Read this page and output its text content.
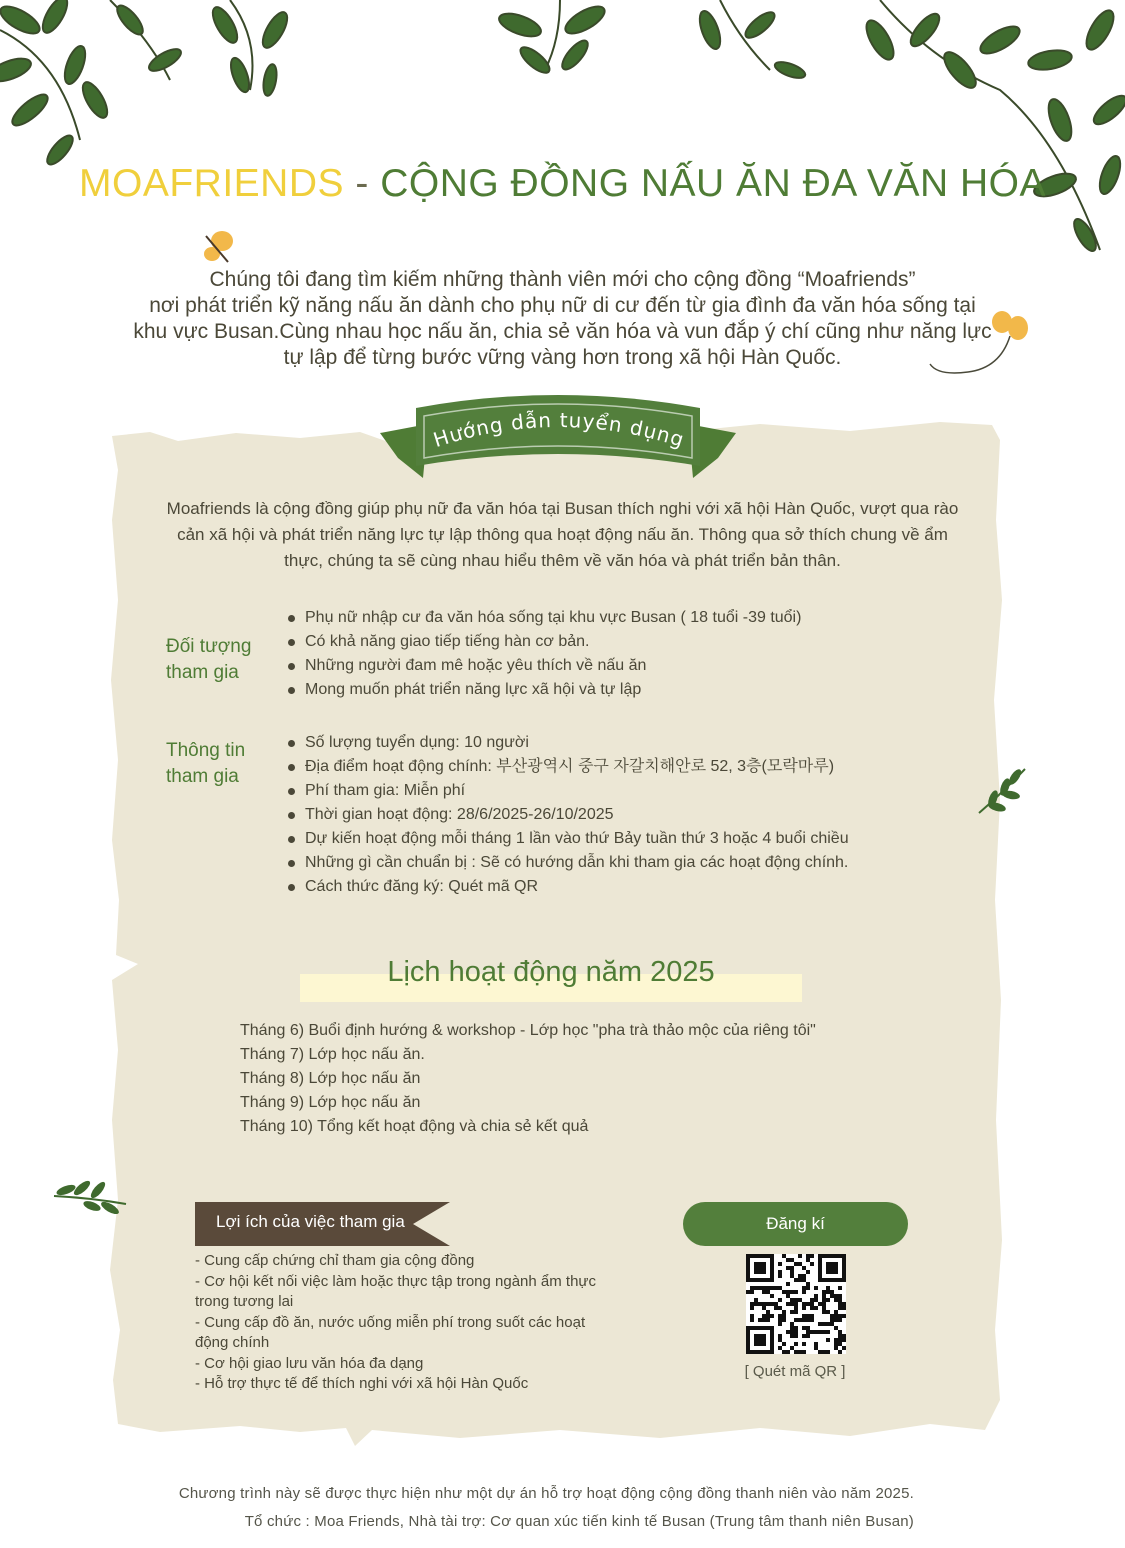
MOAFRIENDS - CỘNG ĐỒNG NẤU ĂN ĐA VĂN HÓA
Chúng tôi đang tìm kiếm những thành viên mới cho cộng đồng “Moafriends”
nơi phát triển kỹ năng nấu ăn dành cho phụ nữ di cư đến từ gia đình đa văn hóa sống tại
khu vực Busan.Cùng nhau học nấu ăn, chia sẻ văn hóa và vun đắp ý chí cũng như năng lực
tự lập để từng bước vững vàng hơn trong xã hội Hàn Quốc.
Hướng dẫn tuyển dụng
Moafriends là cộng đồng giúp phụ nữ đa văn hóa tại Busan thích nghi với xã hội Hàn Quốc, vượt qua rào
cản xã hội và phát triển năng lực tự lập thông qua hoạt động nấu ăn. Thông qua sở thích chung về ẩm
thực, chúng ta sẽ cùng nhau hiểu thêm về văn hóa và phát triển bản thân.
Đối tượng
tham gia
Phụ nữ nhập cư đa văn hóa sống tại khu vực Busan ( 18 tuổi -39 tuổi)
Có khả năng giao tiếp tiếng hàn cơ bản.
Những người đam mê hoặc yêu thích về nấu ăn
Mong muốn phát triển năng lực xã hội và tự lập
Thông tin
tham gia
Số lượng tuyển dụng: 10 người
Địa điểm hoạt động chính: 부산광역시 중구 자갈치해안로 52, 3층(모락마루)
Phí tham gia: Miễn phí
Thời gian hoạt động: 28/6/2025-26/10/2025
Dự kiến hoạt động mỗi tháng 1 lần vào thứ Bảy tuần thứ 3 hoặc 4 buổi chiều
Những gì cần chuẩn bị : Sẽ có hướng dẫn khi tham gia các hoạt động chính.
Cách thức đăng ký: Quét mã QR
Lịch hoạt động năm 2025
Tháng 6) Buổi định hướng & workshop - Lớp học "pha trà thảo mộc của riêng tôi"
Tháng 7) Lớp học nấu ăn.
Tháng 8) Lớp học nấu ăn
Tháng 9) Lớp học nấu ăn
Tháng 10) Tổng kết hoạt động và chia sẻ kết quả
Lợi ích của việc tham gia
- Cung cấp chứng chỉ tham gia cộng đồng
- Cơ hội kết nối việc làm hoặc thực tập trong ngành ẩm thực
trong tương lai
- Cung cấp đồ ăn, nước uống miễn phí trong suốt các hoạt
động chính
- Cơ hội giao lưu văn hóa đa dạng
- Hỗ trợ thực tế để thích nghi với xã hội Hàn Quốc
Đăng kí
[ Quét mã QR ]
Chương trình này sẽ được thực hiện như một dự án hỗ trợ hoạt động cộng đồng thanh niên vào năm 2025.
Tổ chức : Moa Friends, Nhà tài trợ: Cơ quan xúc tiến kinh tế Busan (Trung tâm thanh niên Busan)
